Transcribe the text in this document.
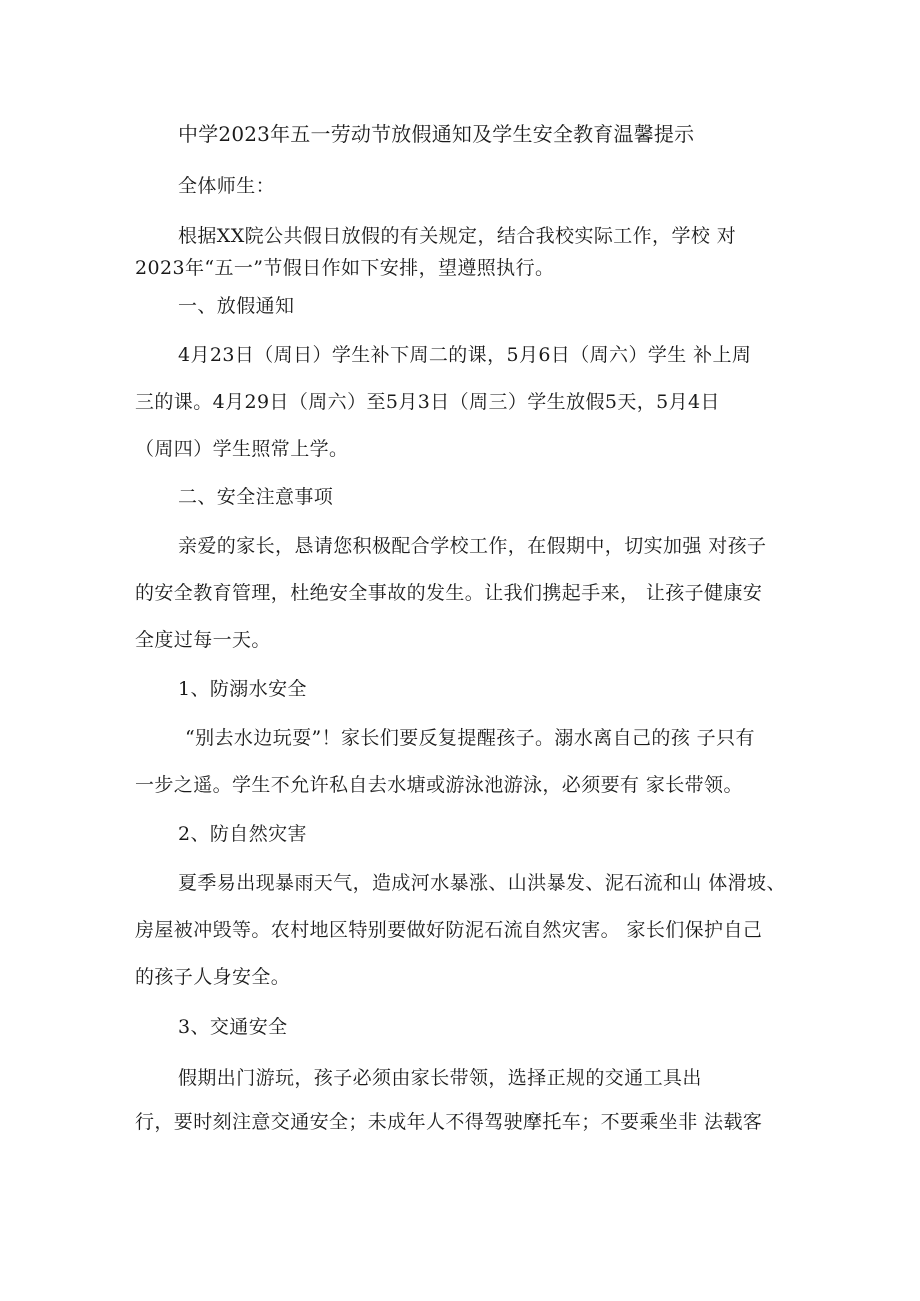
中学2023年五一劳动节放假通知及学生安全教育温馨提示
全体师生：
根据XX院公共假日放假的有关规定，结合我校实际工作，学校 对
2023年“五一”节假日作如下安排，望遵照执行。
一、放假通知
4月23日（周日）学生补下周二的课，5月6日（周六）学生 补上周
三的课。4月29日（周六）至5月3日（周三）学生放假5天，5月4日
（周四）学生照常上学。
二、安全注意事项
亲爱的家长，恳请您积极配合学校工作，在假期中，切实加强 对孩子
的安全教育管理，杜绝安全事故的发生。让我们携起手来， 让孩子健康安
全度过每一天。
1、防溺水安全
“别去水边玩耍”！家长们要反复提醒孩子。溺水离自己的孩 子只有
一步之遥。学生不允许私自去水塘或游泳池游泳，必须要有 家长带领。
2、防自然灾害
夏季易出现暴雨天气，造成河水暴涨、山洪暴发、泥石流和山 体滑坡、
房屋被冲毁等。农村地区特别要做好防泥石流自然灾害。 家长们保护自己
的孩子人身安全。
3、交通安全
假期出门游玩，孩子必须由家长带领，选择正规的交通工具出
行，要时刻注意交通安全；未成年人不得驾驶摩托车；不要乘坐非 法载客
